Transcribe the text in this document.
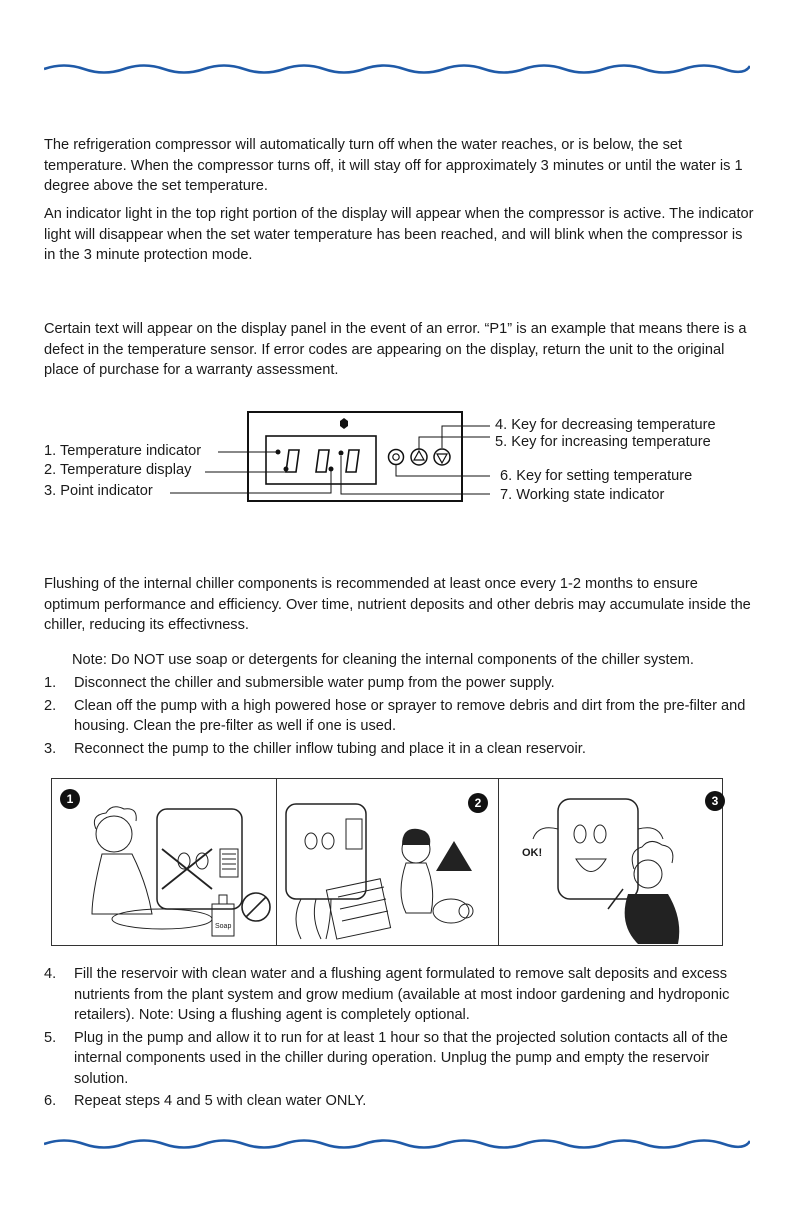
The refrigeration compressor will automatically turn off when the water reaches, or is below, the set temperature. When the compressor turns off, it will stay off for approximately 3 minutes or until the water is 1 degree above the set temperature.

An indicator light in the top right portion of the display will appear when the compressor is active. The indicator light will disappear when the set water temperature has been reached, and will blink when the compressor is in the 3 minute protection mode.

Certain text will appear on the display panel in the event of an error. “P1” is an example that means there is a defect in the temperature sensor. If error codes are appearing on the display, return the unit to the original place of purchase for a warranty assessment.

1. Temperature indicator
2. Temperature display
3. Point indicator
4. Key for decreasing temperature
5. Key for increasing temperature
6. Key for setting temperature
7. Working state indicator

Flushing of the internal chiller components is recommended at least once every 1-2 months to ensure optimum performance and efficiency. Over time, nutrient deposits and other debris may accumulate inside the chiller, reducing its effectivness.

Note: Do NOT use soap or detergents for cleaning the internal components of the chiller system.
1.	Disconnect the chiller and submersible water pump from the power supply.
2.	Clean off the pump with a high powered hose or sprayer to remove debris and dirt from the pre-filter and housing. Clean the pre-filter as well if one is used.
3.	Reconnect the pump to the chiller inflow tubing and place it in a clean reservoir.
1
Soap
2	3
OK!
4.	Fill the reservoir with clean water and a flushing agent formulated to remove salt deposits and excess nutrients from the plant system and grow medium (available at most indoor gardening and hydroponic retailers). Note: Using a flushing agent is completely optional.
5.	Plug in the pump and allow it to run for at least 1 hour so that the projected solution contacts all of the internal components used in the chiller during operation. Unplug the pump and empty the reservoir solution.
6.	Repeat steps 4 and 5 with clean water ONLY.
